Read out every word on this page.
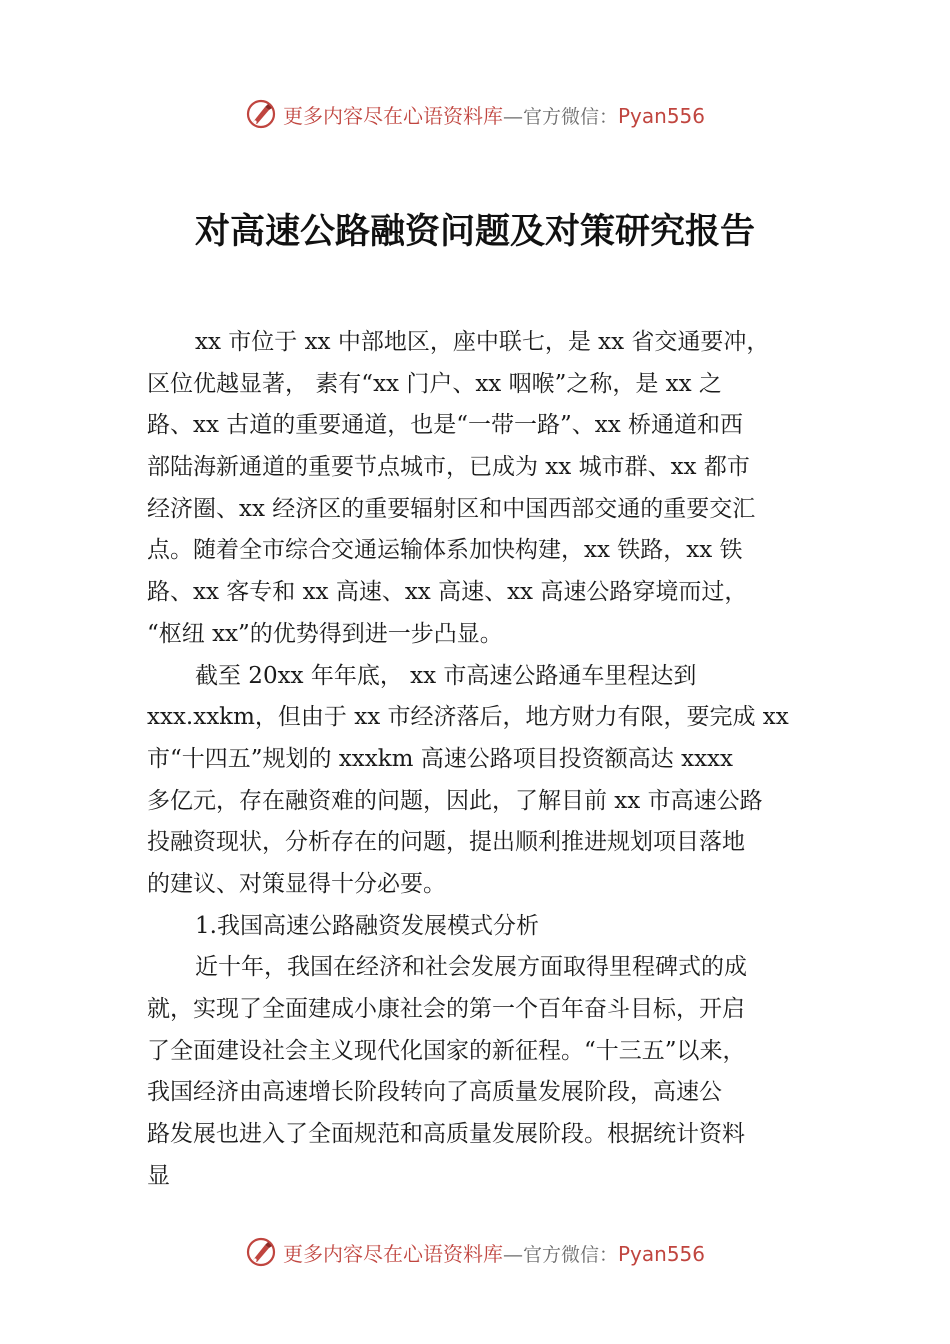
更多内容尽在心语资料库—官方微信：Pyan556
对高速公路融资问题及对策研究报告
xx 市位于 xx 中部地区，座中联七，是 xx 省交通要冲，
区位优越显著， 素有“xx 门户、xx 咽喉”之称，是 xx 之
路、xx 古道的重要通道，也是“一带一路”、xx 桥通道和西
部陆海新通道的重要节点城市，已成为 xx 城市群、xx 都市
经济圈、xx 经济区的重要辐射区和中国西部交通的重要交汇
点。随着全市综合交通运输体系加快构建，xx 铁路，xx 铁
路、xx 客专和 xx 高速、xx 高速、xx 高速公路穿境而过，
“枢纽 xx”的优势得到进一步凸显。
截至 20xx 年年底， xx 市高速公路通车里程达到
xxx.xxkm，但由于 xx 市经济落后，地方财力有限，要完成 xx
市“十四五”规划的 xxxkm 高速公路项目投资额高达 xxxx
多亿元，存在融资难的问题，因此，了解目前 xx 市高速公路
投融资现状，分析存在的问题，提出顺利推进规划项目落地
的建议、对策显得十分必要。
1.我国高速公路融资发展模式分析
近十年，我国在经济和社会发展方面取得里程碑式的成
就，实现了全面建成小康社会的第一个百年奋斗目标，开启
了全面建设社会主义现代化国家的新征程。“十三五”以来，
我国经济由高速增长阶段转向了高质量发展阶段，高速公
路发展也进入了全面规范和高质量发展阶段。根据统计资料
显
更多内容尽在心语资料库—官方微信：Pyan556
